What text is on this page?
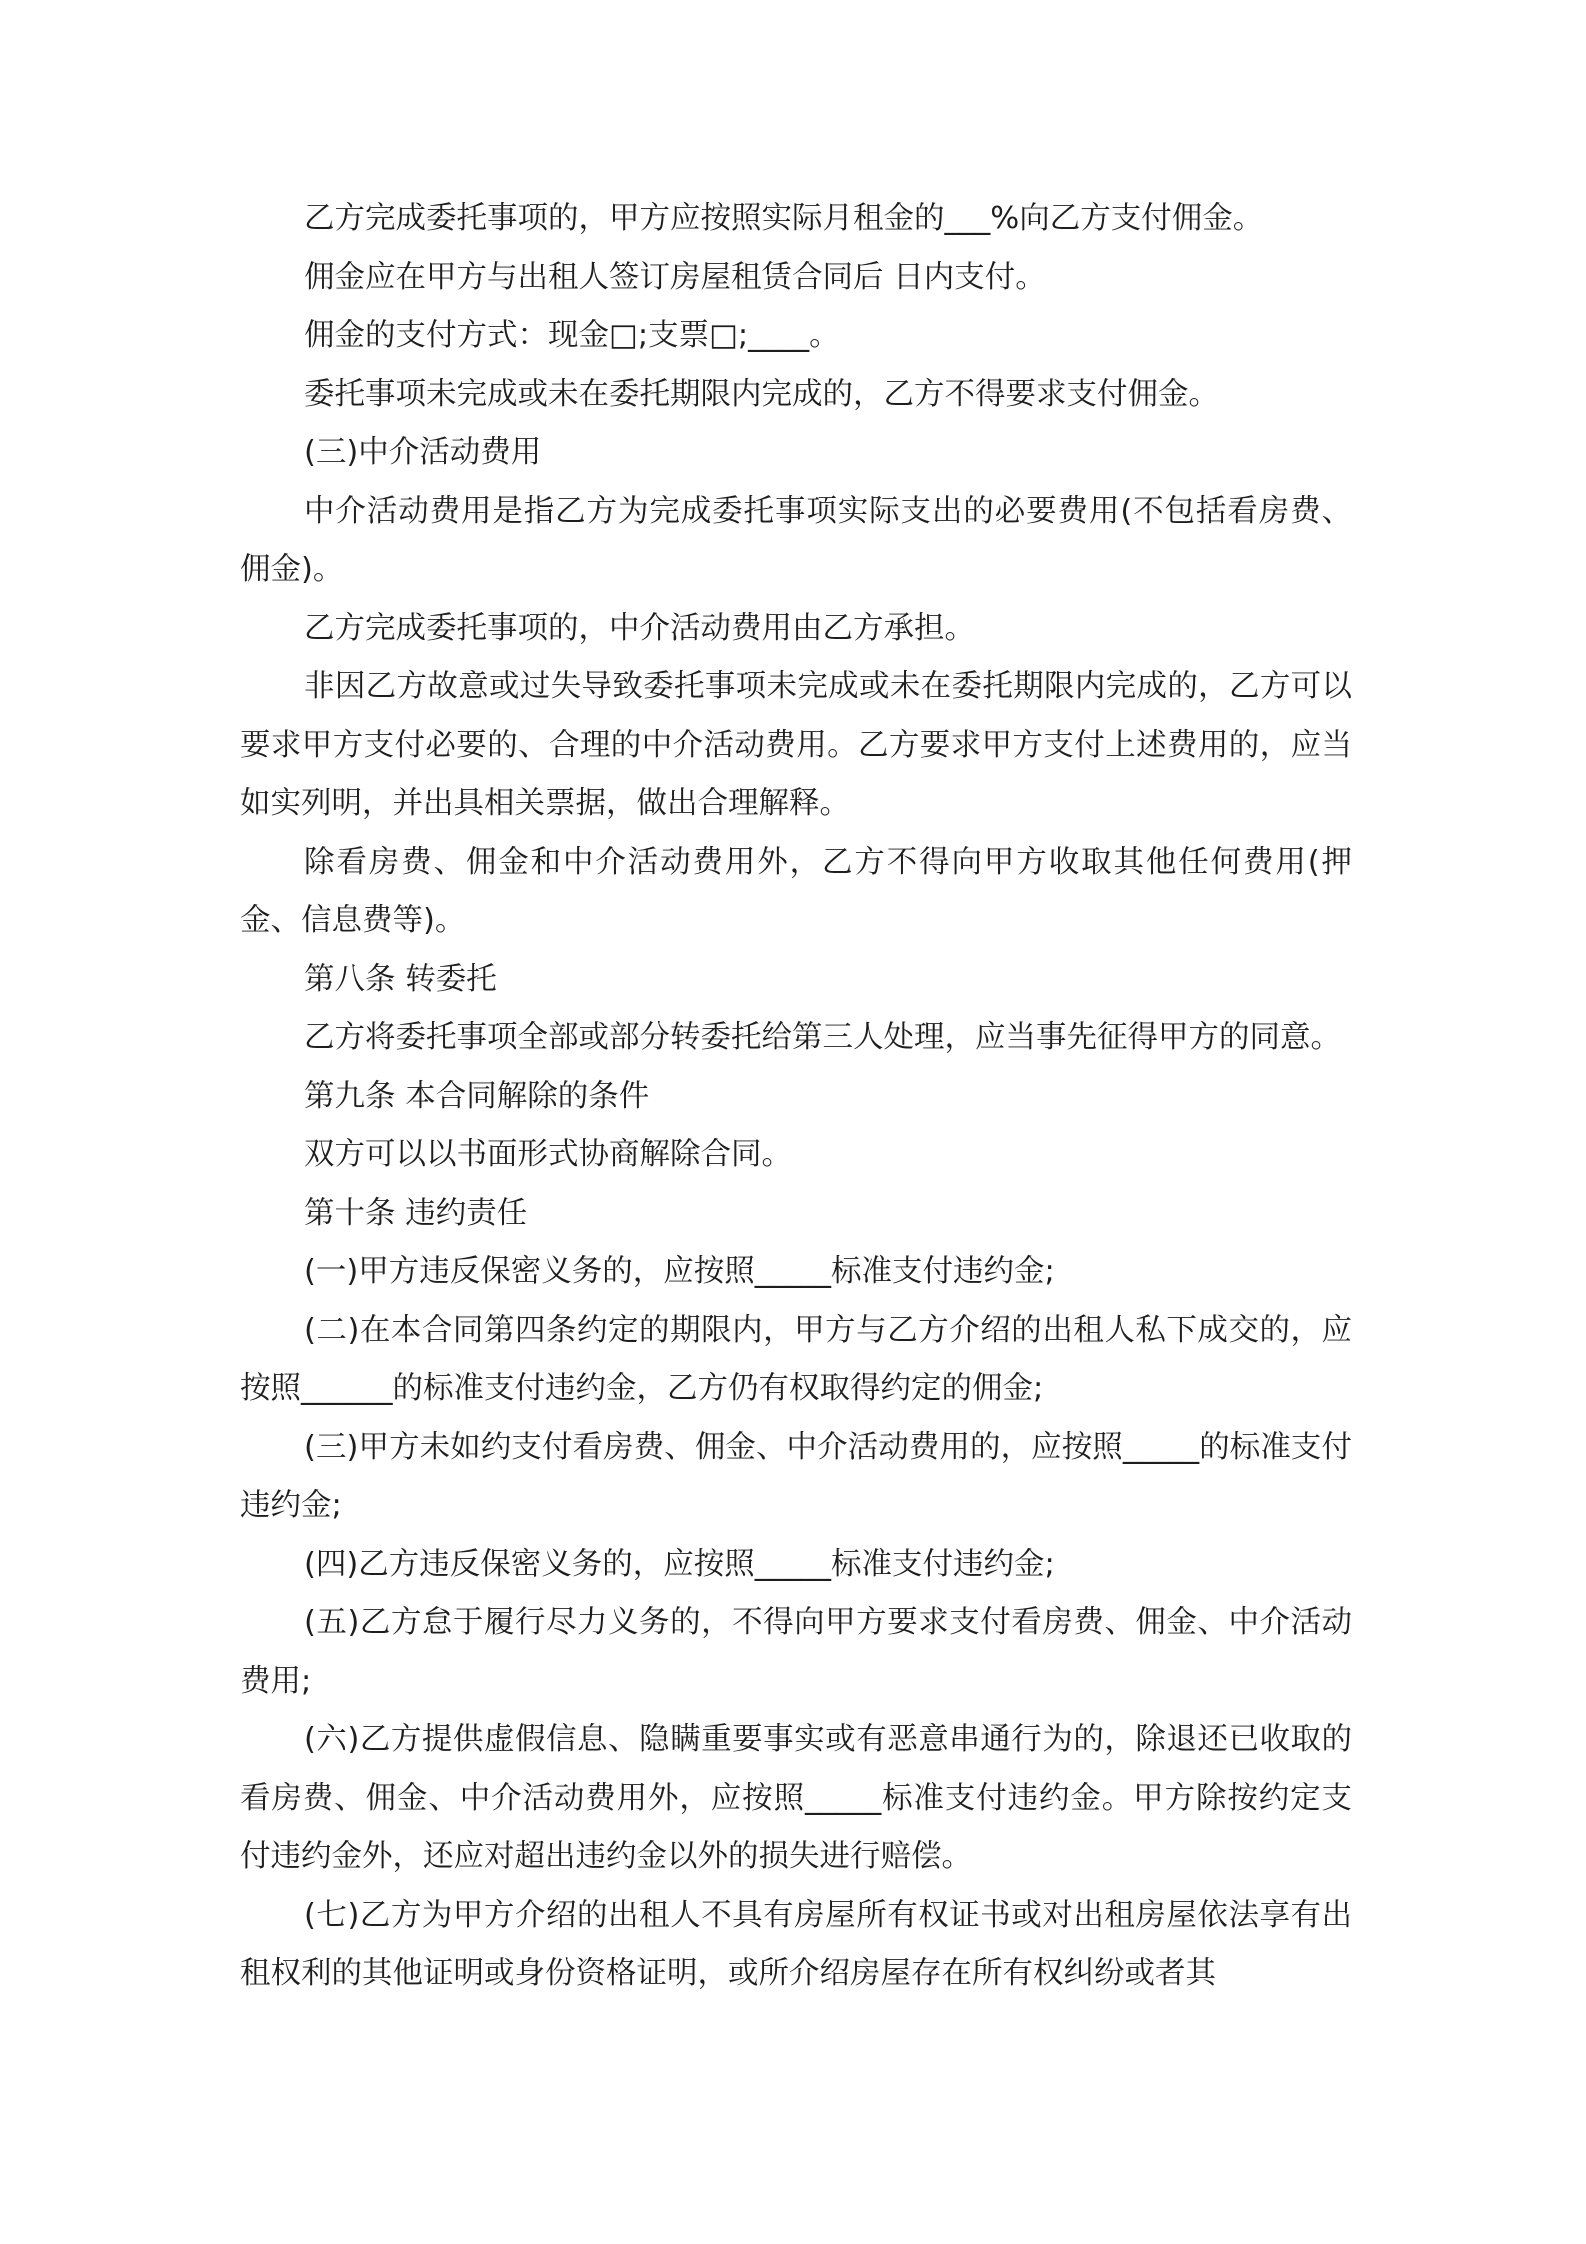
乙方完成委托事项的，甲方应按照实际月租金的___%向乙方支付佣金。

佣金应在甲方与出租人签订房屋租赁合同后 日内支付。

佣金的支付方式：现金□;支票□;____。

委托事项未完成或未在委托期限内完成的，乙方不得要求支付佣金。

(三)中介活动费用

中介活动费用是指乙方为完成委托事项实际支出的必要费用(不包括看房费、佣金)。

乙方完成委托事项的，中介活动费用由乙方承担。

非因乙方故意或过失导致委托事项未完成或未在委托期限内完成的，乙方可以要求甲方支付必要的、合理的中介活动费用。乙方要求甲方支付上述费用的，应当如实列明，并出具相关票据，做出合理解释。

除看房费、佣金和中介活动费用外，乙方不得向甲方收取其他任何费用(押金、信息费等)。

第八条 转委托

乙方将委托事项全部或部分转委托给第三人处理，应当事先征得甲方的同意。

第九条 本合同解除的条件

双方可以以书面形式协商解除合同。

第十条 违约责任

(一)甲方违反保密义务的，应按照_____标准支付违约金;

(二)在本合同第四条约定的期限内，甲方与乙方介绍的出租人私下成交的，应按照______的标准支付违约金，乙方仍有权取得约定的佣金;

(三)甲方未如约支付看房费、佣金、中介活动费用的，应按照_____的标准支付违约金;

(四)乙方违反保密义务的，应按照_____标准支付违约金;

(五)乙方怠于履行尽力义务的，不得向甲方要求支付看房费、佣金、中介活动费用;

(六)乙方提供虚假信息、隐瞒重要事实或有恶意串通行为的，除退还已收取的看房费、佣金、中介活动费用外，应按照_____标准支付违约金。甲方除按约定支付违约金外，还应对超出违约金以外的损失进行赔偿。

(七)乙方为甲方介绍的出租人不具有房屋所有权证书或对出租房屋依法享有出租权利的其他证明或身份资格证明，或所介绍房屋存在所有权纠纷或者其
